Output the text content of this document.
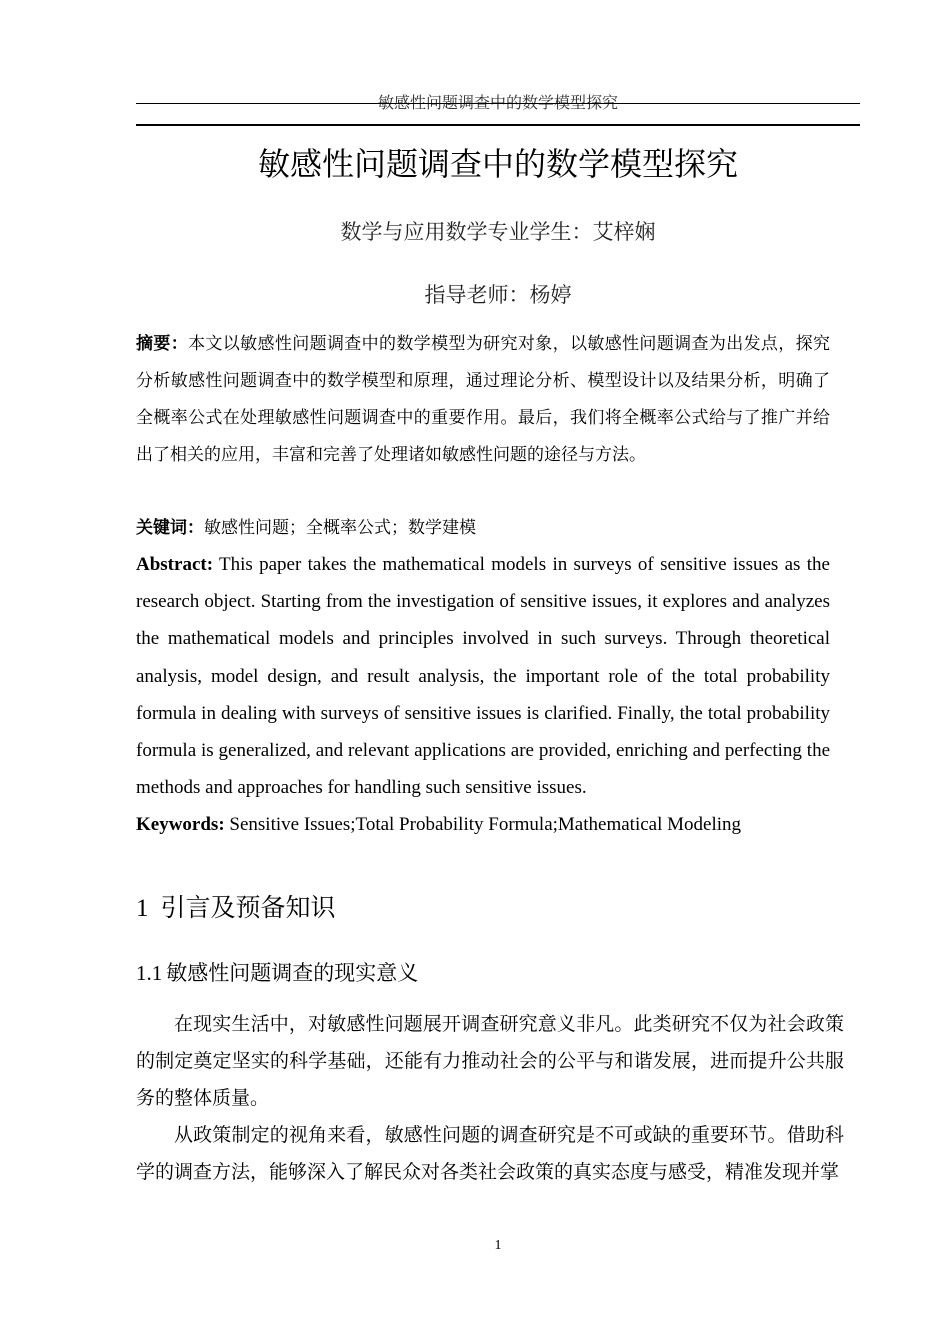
敏感性问题调查中的数学模型探究
敏感性问题调查中的数学模型探究
数学与应用数学专业学生：艾梓娴
指导老师：杨婷
摘要：本文以敏感性问题调查中的数学模型为研究对象，以敏感性问题调查为出发点，探究分析敏感性问题调查中的数学模型和原理，通过理论分析、模型设计以及结果分析，明确了全概率公式在处理敏感性问题调查中的重要作用。最后，我们将全概率公式给与了推广并给出了相关的应用，丰富和完善了处理诸如敏感性问题的途径与方法。
关键词：敏感性问题；全概率公式；数学建模
Abstract: This paper takes the mathematical models in surveys of sensitive issues as the research object. Starting from the investigation of sensitive issues, it explores and analyzes the mathematical models and principles involved in such surveys. Through theoretical analysis, model design, and result analysis, the important role of the total probability formula in dealing with surveys of sensitive issues is clarified. Finally, the total probability formula is generalized, and relevant applications are provided, enriching and perfecting the methods and approaches for handling such sensitive issues.
Keywords: Sensitive Issues;Total Probability Formula;Mathematical Modeling
1 引言及预备知识
1.1 敏感性问题调查的现实意义

在现实生活中，对敏感性问题展开调查研究意义非凡。此类研究不仅为社会政策的制定奠定坚实的科学基础，还能有力推动社会的公平与和谐发展，进而提升公共服务的整体质量。

从政策制定的视角来看，敏感性问题的调查研究是不可或缺的重要环节。借助科学的调查方法，能够深入了解民众对各类社会政策的真实态度与感受，精准发现并掌

1
